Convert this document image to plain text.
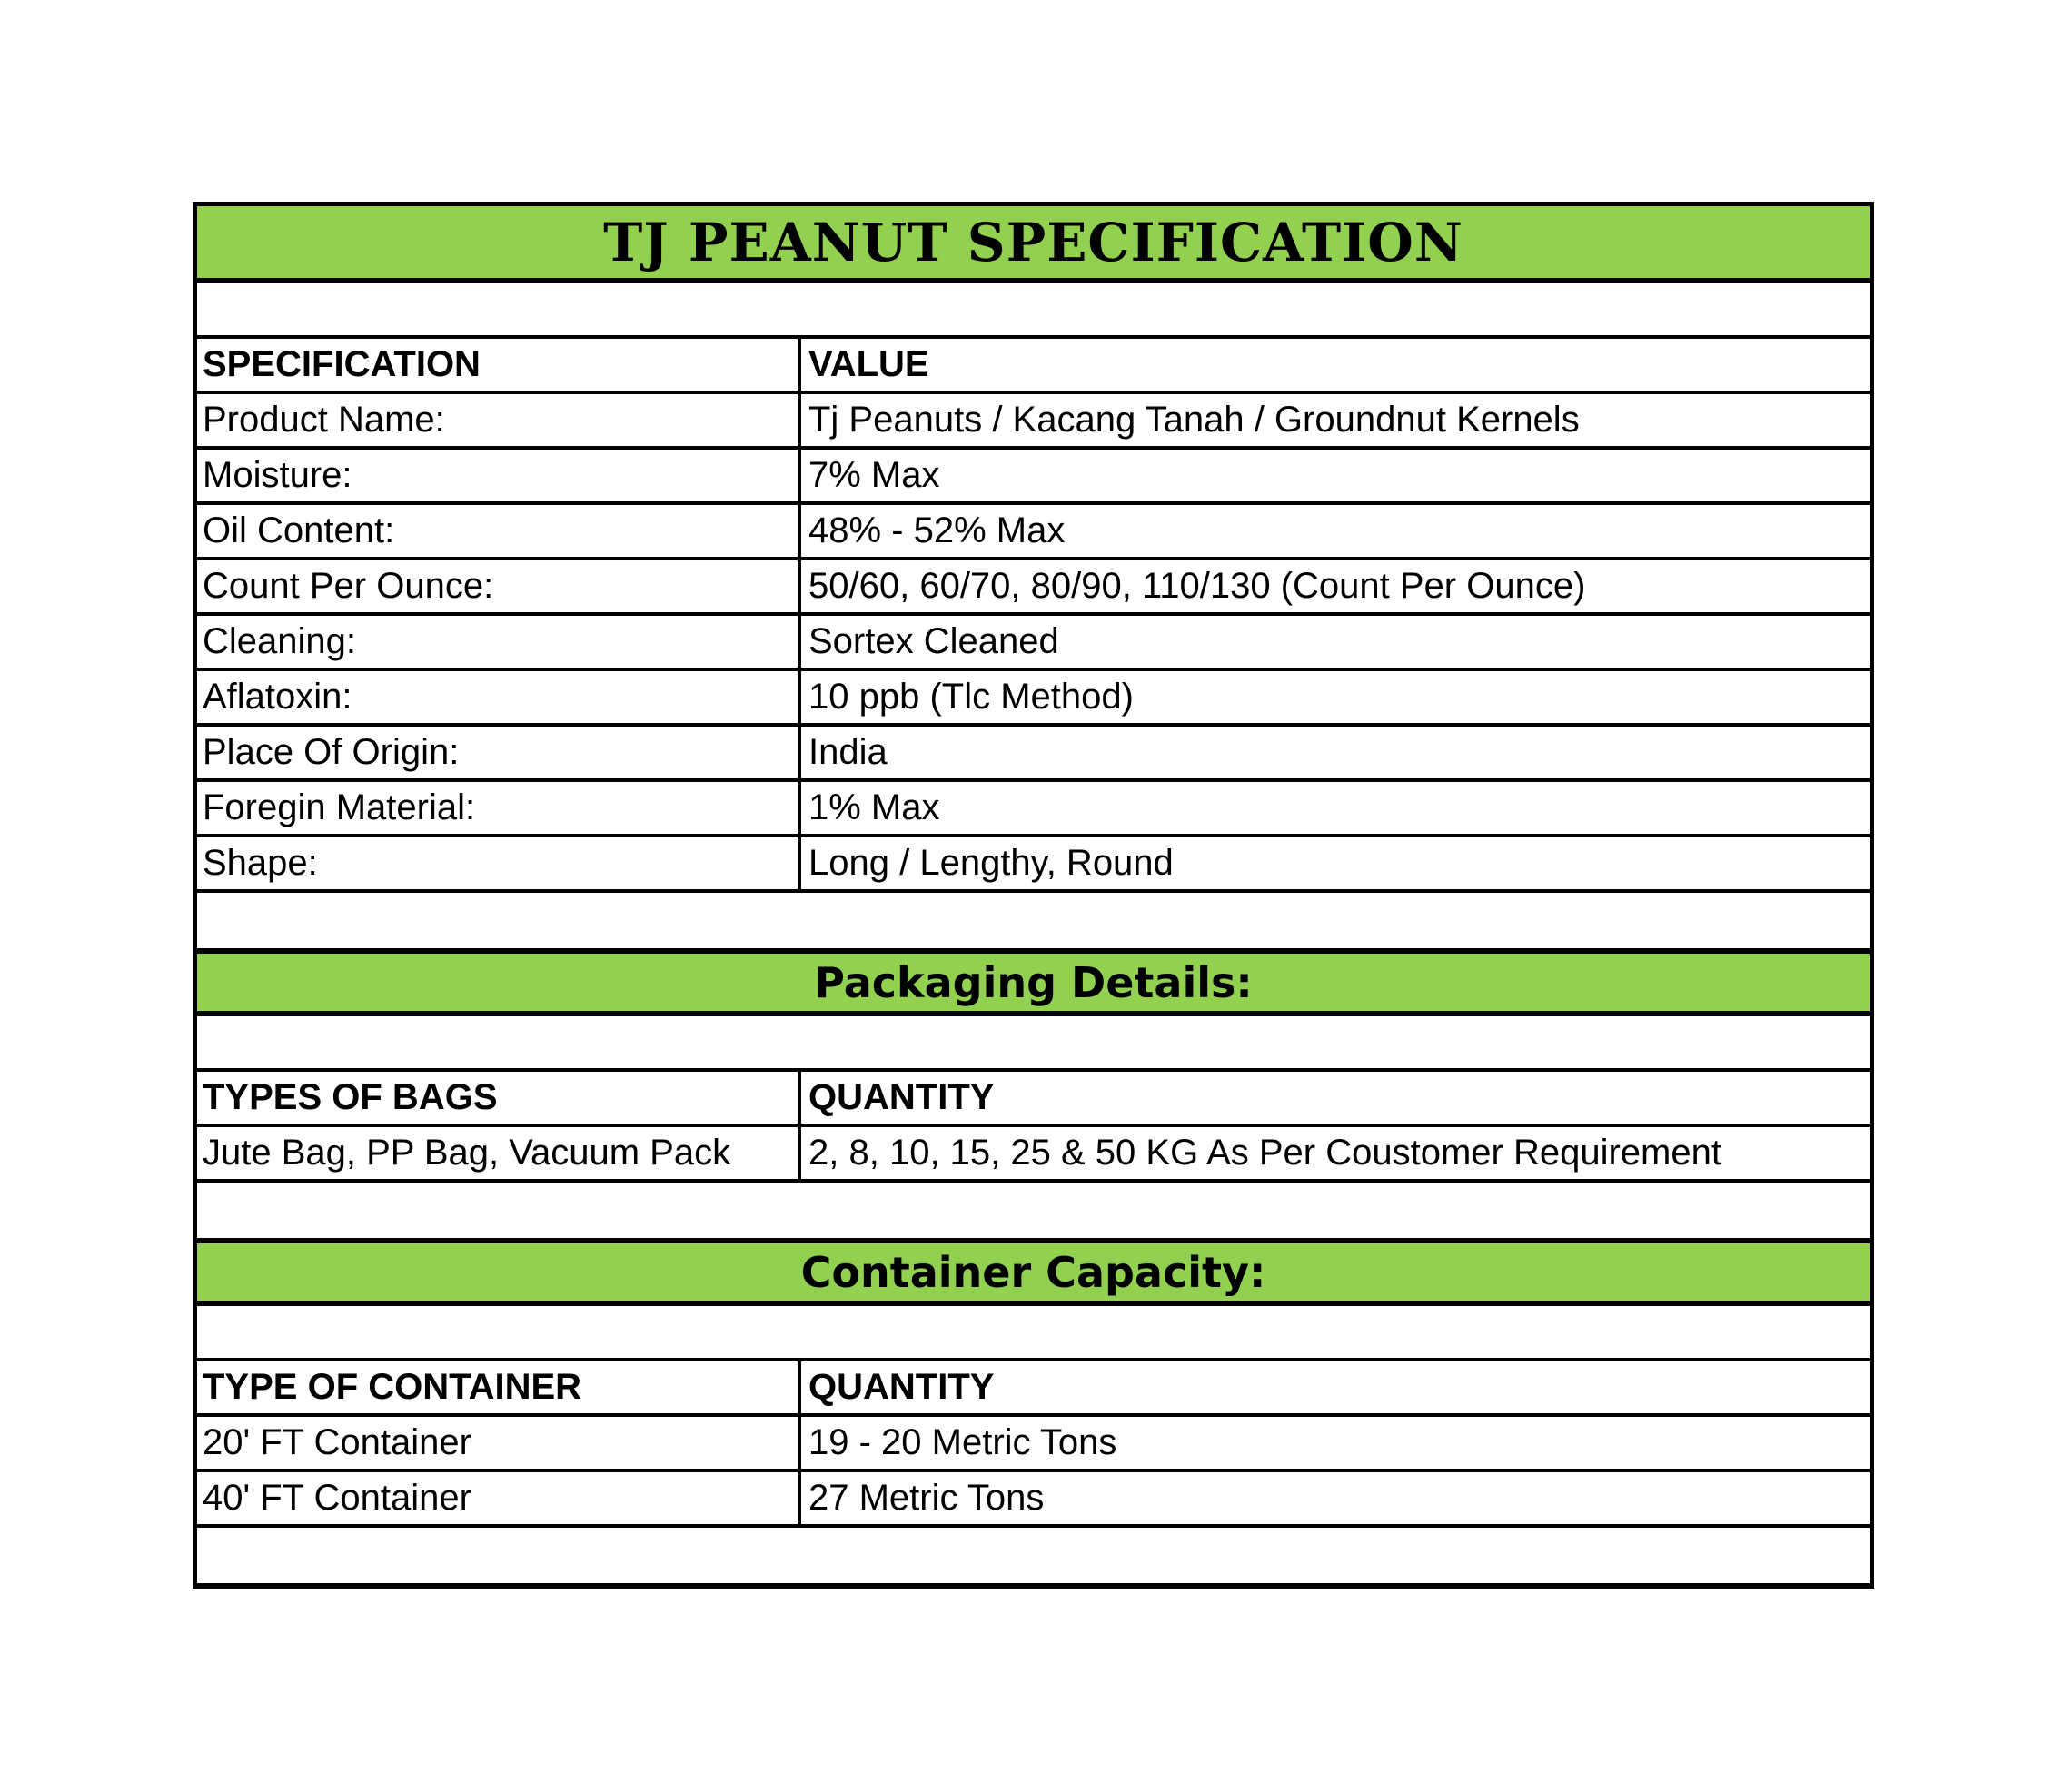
TJ PEANUT SPECIFICATION
SPECIFICATION	VALUE
Product Name:	Tj Peanuts / Kacang Tanah / Groundnut Kernels
Moisture:	7% Max
Oil Content:	48% - 52% Max
Count Per Ounce:	50/60, 60/70, 80/90, 110/130 (Count Per Ounce)
Cleaning:	Sortex Cleaned
Aflatoxin:	10 ppb (Tlc Method)
Place Of Origin:	India
Foregin Material:	1% Max
Shape:	Long / Lengthy, Round
Packaging Details:
TYPES OF BAGS	QUANTITY
Jute Bag, PP Bag, Vacuum Pack	2, 8, 10, 15, 25 & 50 KG As Per Coustomer Requirement
Container Capacity:
TYPE OF CONTAINER	QUANTITY
20' FT Container	19 - 20 Metric Tons
40' FT Container	27 Metric Tons
